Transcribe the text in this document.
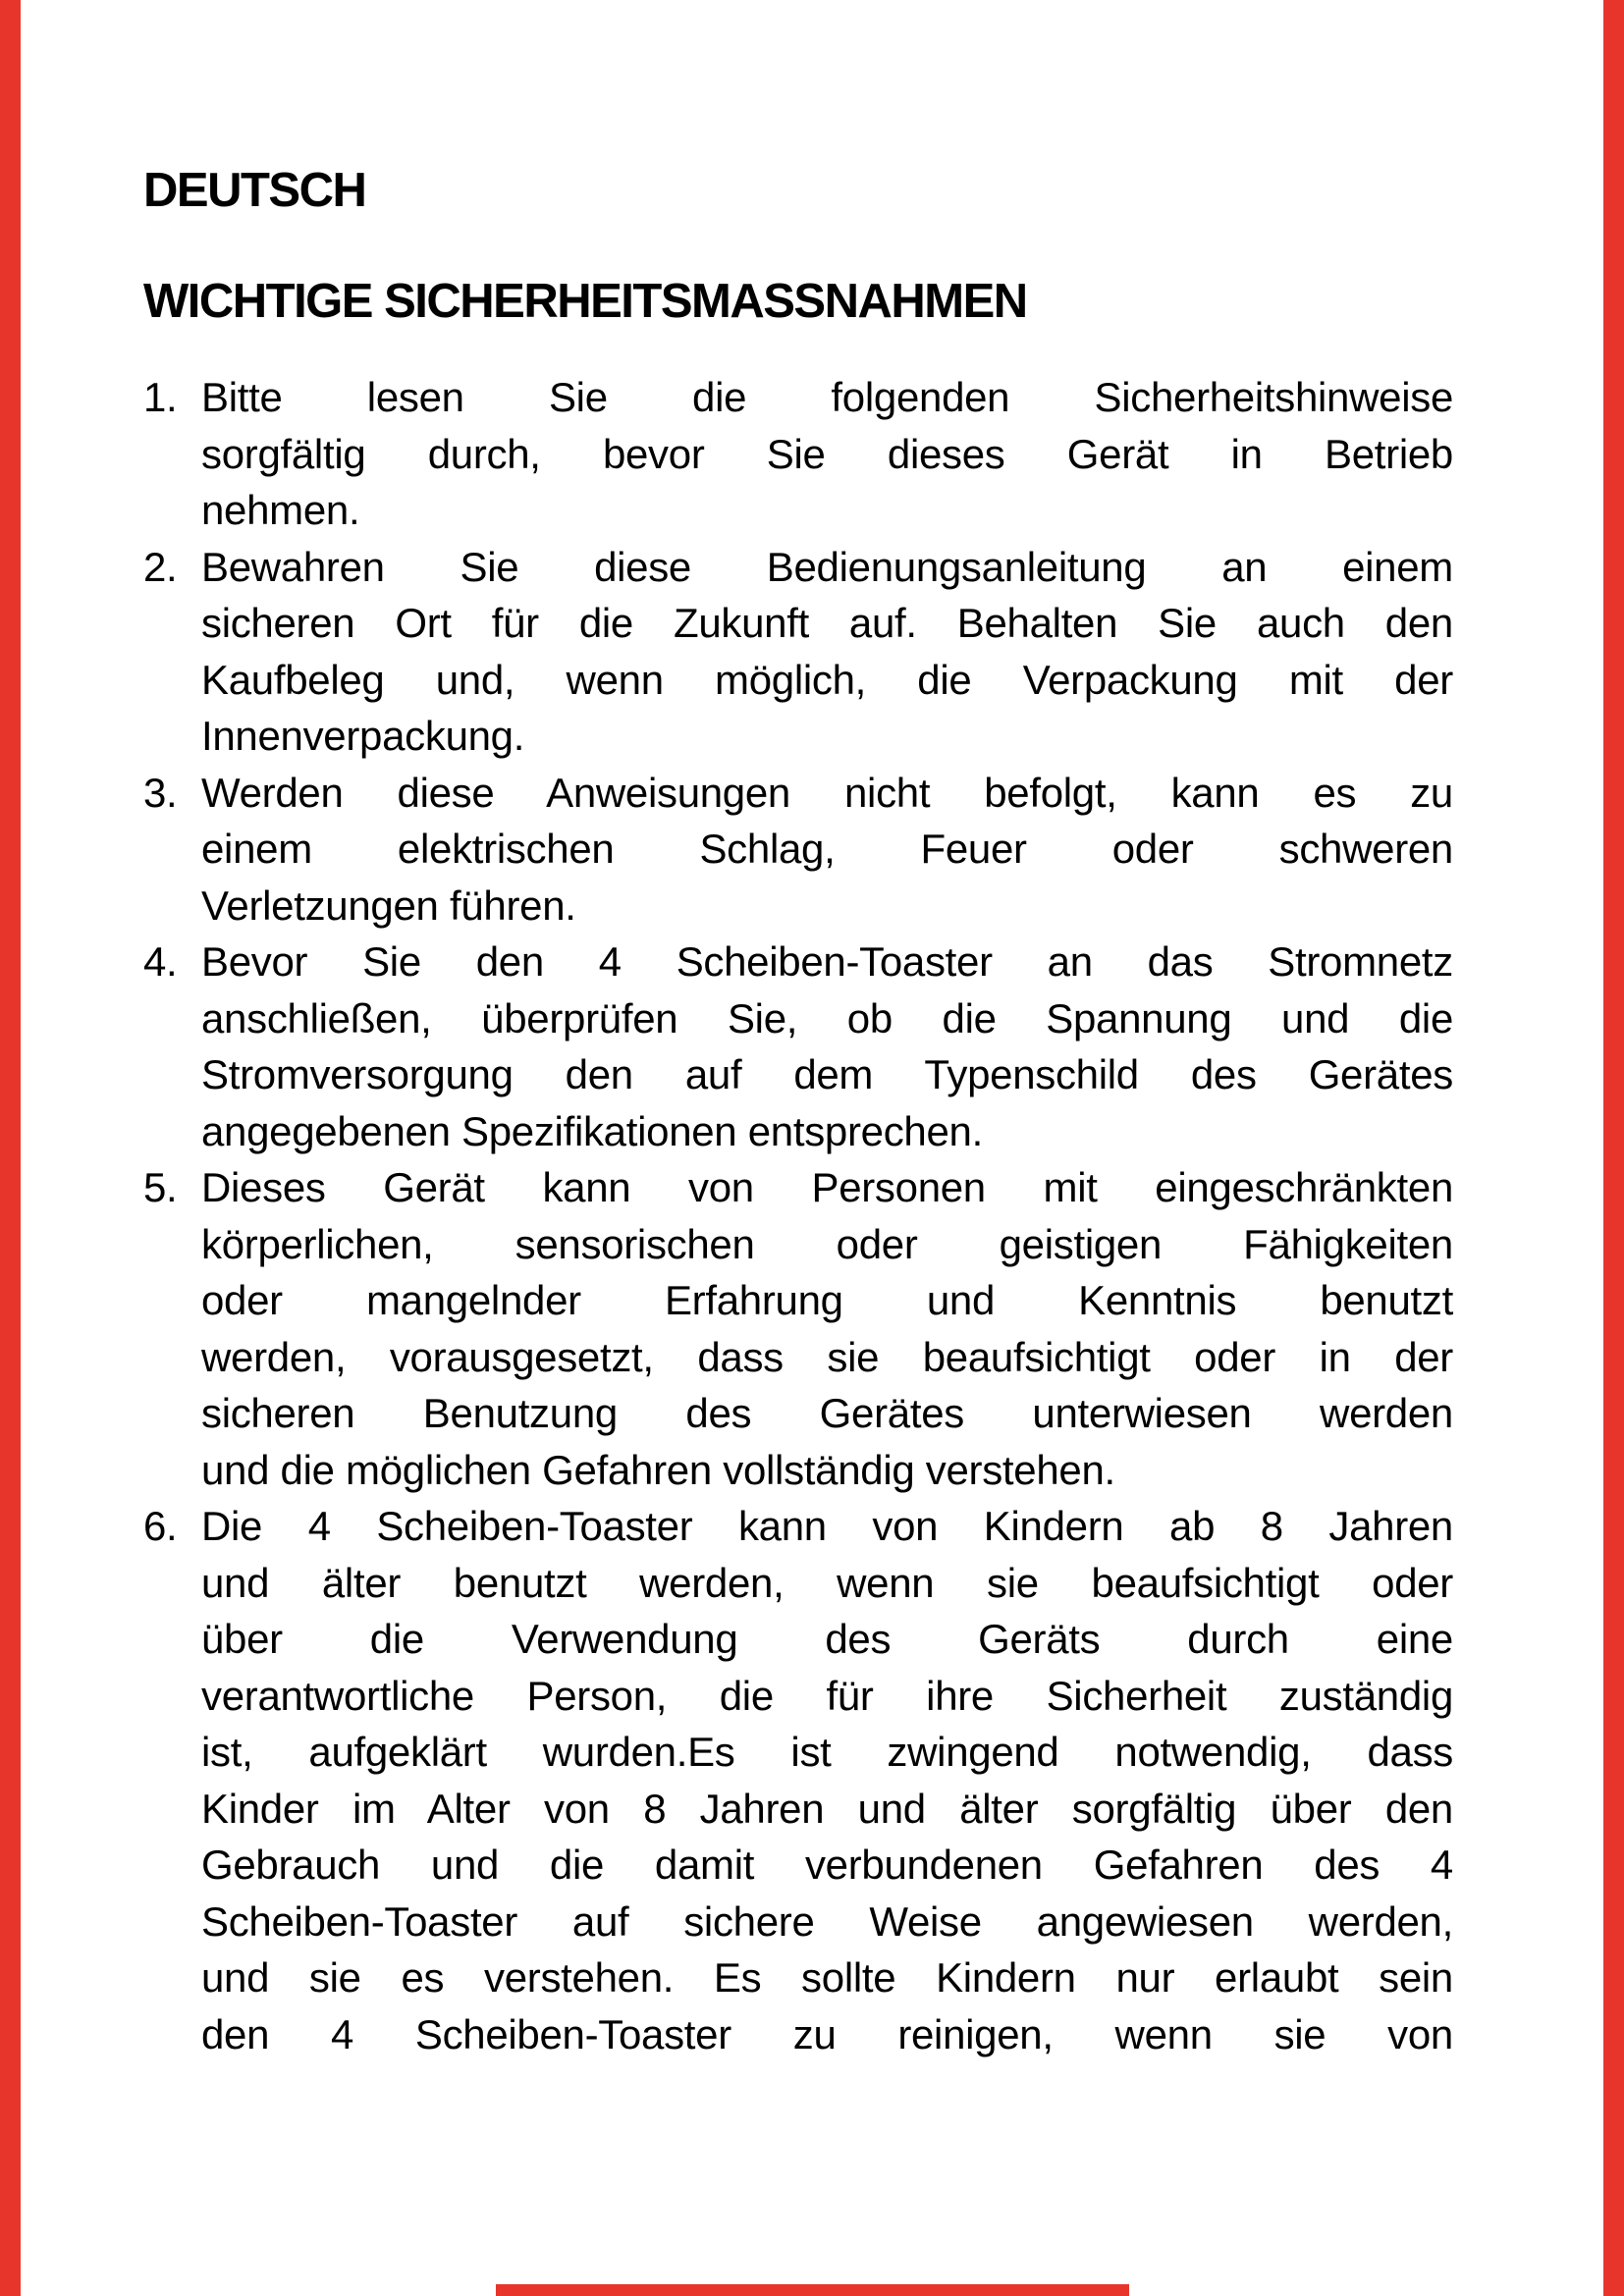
DEUTSCH
WICHTIGE SICHERHEITSMASSNAHMEN
1. Bitte lesen Sie die folgenden Sicherheitshinweise
sorgfältig durch, bevor Sie dieses Gerät in Betrieb
nehmen.
2. Bewahren Sie diese Bedienungsanleitung an einem
sicheren Ort für die Zukunft auf. Behalten Sie auch den
Kaufbeleg und, wenn möglich, die Verpackung mit der
Innenverpackung.
3. Werden diese Anweisungen nicht befolgt, kann es zu
einem elektrischen Schlag, Feuer oder schweren
Verletzungen führen.
4. Bevor Sie den 4 Scheiben-Toaster an das Stromnetz
anschließen, überprüfen Sie, ob die Spannung und die
Stromversorgung den auf dem Typenschild des Gerätes
angegebenen Spezifikationen entsprechen.
5. Dieses Gerät kann von Personen mit eingeschränkten
körperlichen, sensorischen oder geistigen Fähigkeiten
oder mangelnder Erfahrung und Kenntnis benutzt
werden, vorausgesetzt, dass sie beaufsichtigt oder in der
sicheren Benutzung des Gerätes unterwiesen werden
und die möglichen Gefahren vollständig verstehen.
6. Die 4 Scheiben-Toaster kann von Kindern ab 8 Jahren
und älter benutzt werden, wenn sie beaufsichtigt oder
über die Verwendung des Geräts durch eine
verantwortliche Person, die für ihre Sicherheit zuständig
ist, aufgeklärt wurden.Es ist zwingend notwendig, dass
Kinder im Alter von 8 Jahren und älter sorgfältig über den
Gebrauch und die damit verbundenen Gefahren des 4
Scheiben-Toaster auf sichere Weise angewiesen werden,
und sie es verstehen. Es sollte Kindern nur erlaubt sein
den 4 Scheiben-Toaster zu reinigen, wenn sie von
